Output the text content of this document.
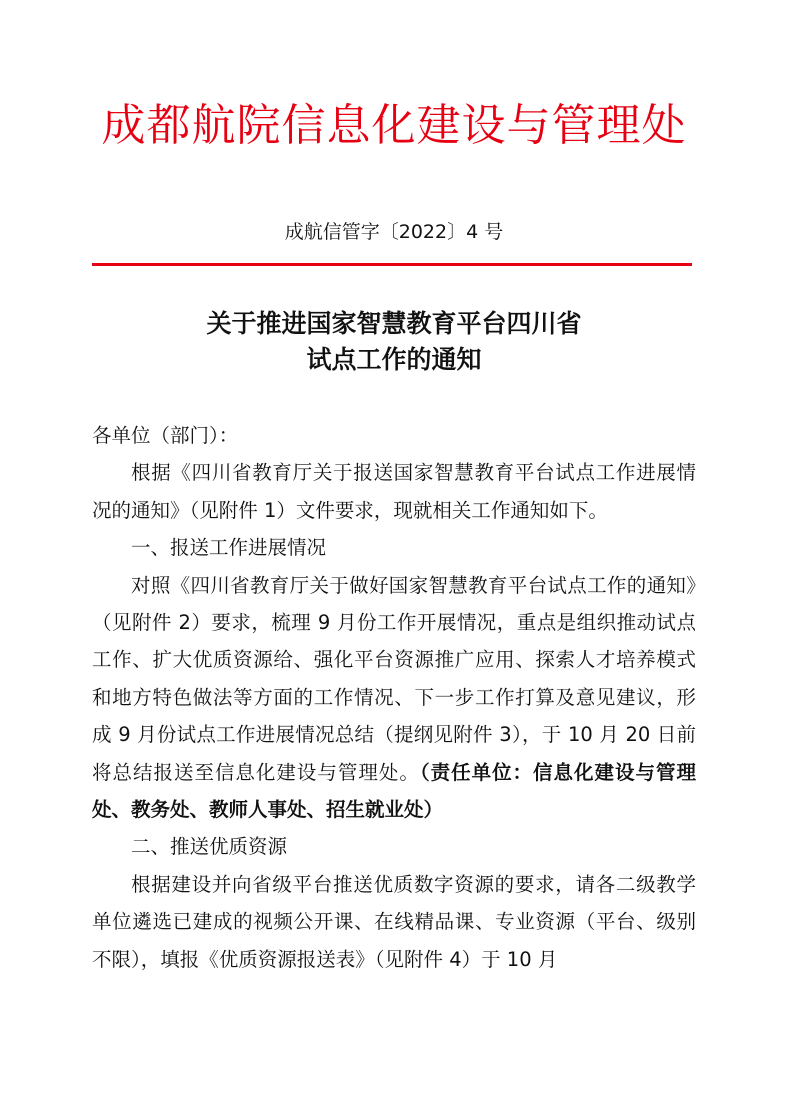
成都航院信息化建设与管理处
成航信管字〔2022〕4 号
关于推进国家智慧教育平台四川省
试点工作的通知

各单位（部门）：

根据《四川省教育厅关于报送国家智慧教育平台试点工作进展情况的通知》（见附件 1）文件要求，现就相关工作通知如下。

一、报送工作进展情况

对照《四川省教育厅关于做好国家智慧教育平台试点工作的通知》（见附件 2）要求，梳理 9 月份工作开展情况，重点是组织推动试点工作、扩大优质资源给、强化平台资源推广应用、探索人才培养模式和地方特色做法等方面的工作情况、下一步工作打算及意见建议，形成 9 月份试点工作进展情况总结（提纲见附件 3），于 10 月 20 日前将总结报送至信息化建设与管理处。（责任单位：信息化建设与管理处、教务处、教师人事处、招生就业处）

二、推送优质资源

根据建设并向省级平台推送优质数字资源的要求，请各二级教学单位遴选已建成的视频公开课、在线精品课、专业资源（平台、级别不限），填报《优质资源报送表》（见附件 4）于 10 月
